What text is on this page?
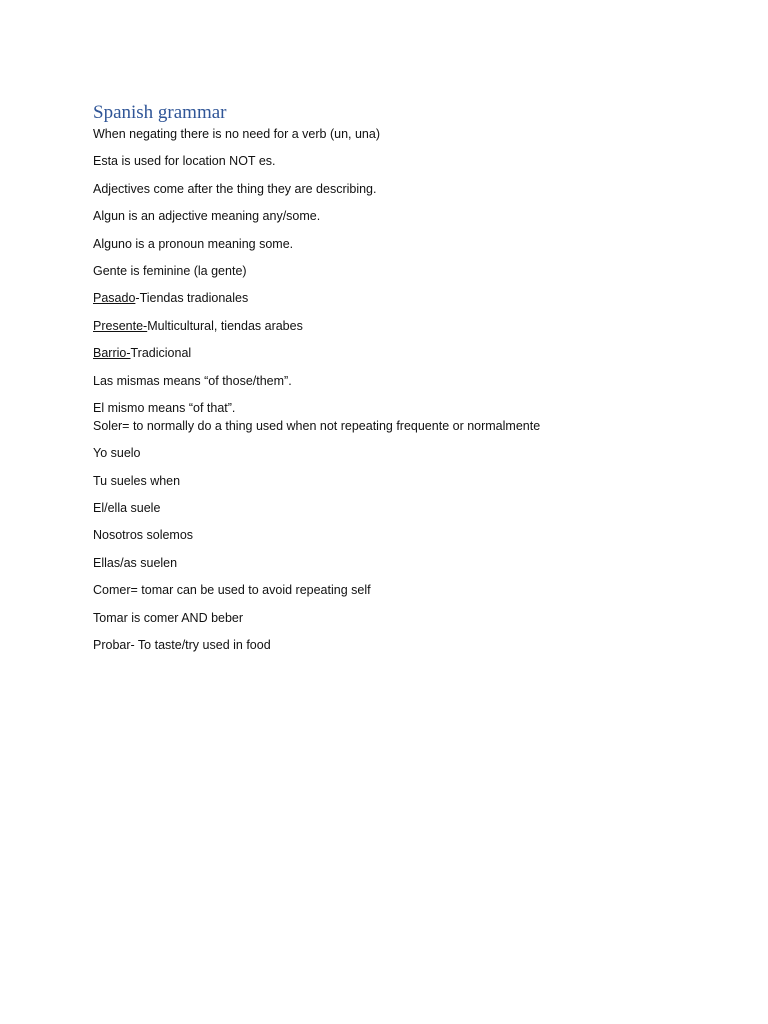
Spanish grammar

When negating there is no need for a verb (un, una)

Esta is used for location NOT es.

Adjectives come after the thing they are describing.

Algun is an adjective meaning any/some.

Alguno is a pronoun meaning some.

Gente is feminine (la gente)

Pasado-Tiendas tradionales

Presente-Multicultural, tiendas arabes

Barrio-Tradicional

Las mismas means “of those/them”.

El mismo means “of that”.

Soler= to normally do a thing used when not repeating frequente or normalmente

Yo suelo

Tu sueles when

El/ella suele

Nosotros solemos

Ellas/as suelen

Comer= tomar can be used to avoid repeating self

Tomar is comer AND beber

Probar- To taste/try used in food
